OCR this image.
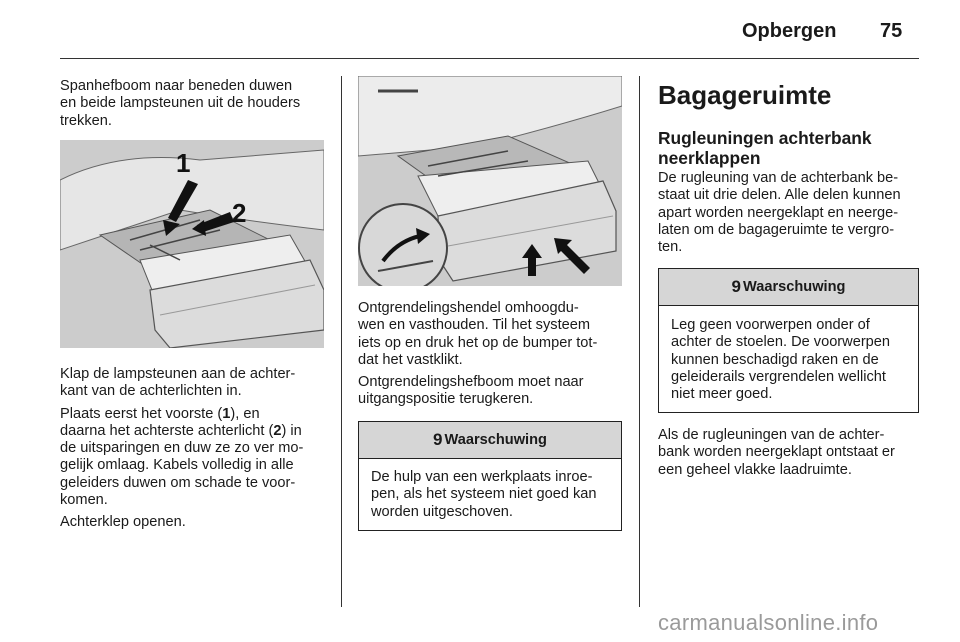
Opbergen 75
Spanhefboom naar beneden duwen
en beide lampsteunen uit de houders
trekken.
1
2

Klap de lampsteunen aan de achter-
kant van de achterlichten in.

Plaats eerst het voorste (1), en
daarna het achterste achterlicht (2) in
de uitsparingen en duw ze zo ver mo-
gelijk omlaag. Kabels volledig in alle
geleiders duwen om schade te voor-
komen.

Achterklep openen.

Ontgrendelingshendel omhoogdu-
wen en vasthouden. Til het systeem
iets op en druk het op de bumper tot-
dat het vastklikt.

Ontgrendelingshefboom moet naar
uitgangspositie terugkeren.

9 Waarschuwing
De hulp van een werkplaats inroe-
pen, als het systeem niet goed kan
worden uitgeschoven.
Bagageruimte
Rugleuningen achterbank
neerklappen
De rugleuning van de achterbank be-
staat uit drie delen. Alle delen kunnen
apart worden neergeklapt en neerge-
laten om de bagageruimte te vergro-
ten.
9 Waarschuwing
Leg geen voorwerpen onder of
achter de stoelen. De voorwerpen
kunnen beschadigd raken en de
geleiderails vergrendelen wellicht
niet meer goed.
Als de rugleuningen van de achter-
bank worden neergeklapt ontstaat er
een geheel vlakke laadruimte.
carmanualsonline.info
